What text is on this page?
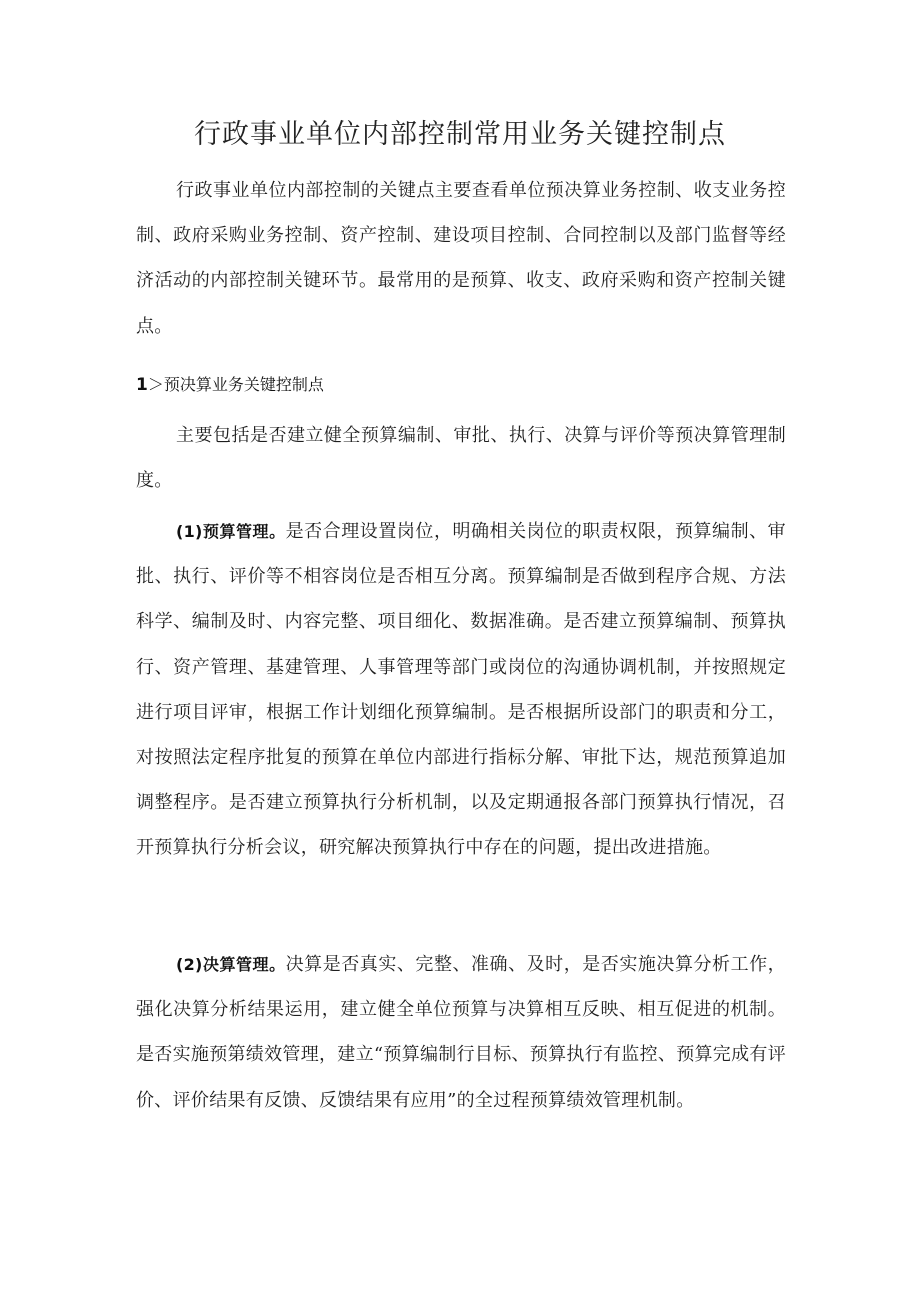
行政事业单位内部控制常用业务关键控制点

行政事业单位内部控制的关键点主要查看单位预决算业务控制、收支业务控制、政府采购业务控制、资产控制、建设项目控制、合同控制以及部门监督等经济活动的内部控制关键环节。最常用的是预算、收支、政府采购和资产控制关键点。

1＞预决算业务关键控制点

主要包括是否建立健全预算编制、审批、执行、决算与评价等预决算管理制度。

(1)预算管理。是否合理设置岗位，明确相关岗位的职责权限，预算编制、审批、执行、评价等不相容岗位是否相互分离。预算编制是否做到程序合规、方法科学、编制及时、内容完整、项目细化、数据准确。是否建立预算编制、预算执行、资产管理、基建管理、人事管理等部门或岗位的沟通协调机制，并按照规定进行项目评审，根据工作计划细化预算编制。是否根据所设部门的职责和分工，对按照法定程序批复的预算在单位内部进行指标分解、审批下达，规范预算追加调整程序。是否建立预算执行分析机制，以及定期通报各部门预算执行情况，召开预算执行分析会议，研究解决预算执行中存在的问题，提出改进措施。

(2)决算管理。决算是否真实、完整、准确、及时，是否实施决算分析工作，强化决算分析结果运用，建立健全单位预算与决算相互反映、相互促进的机制。是否实施预第绩效管理，建立“预算编制行目标、预算执行有监控、预算完成有评价、评价结果有反馈、反馈结果有应用”的全过程预算绩效管理机制。
